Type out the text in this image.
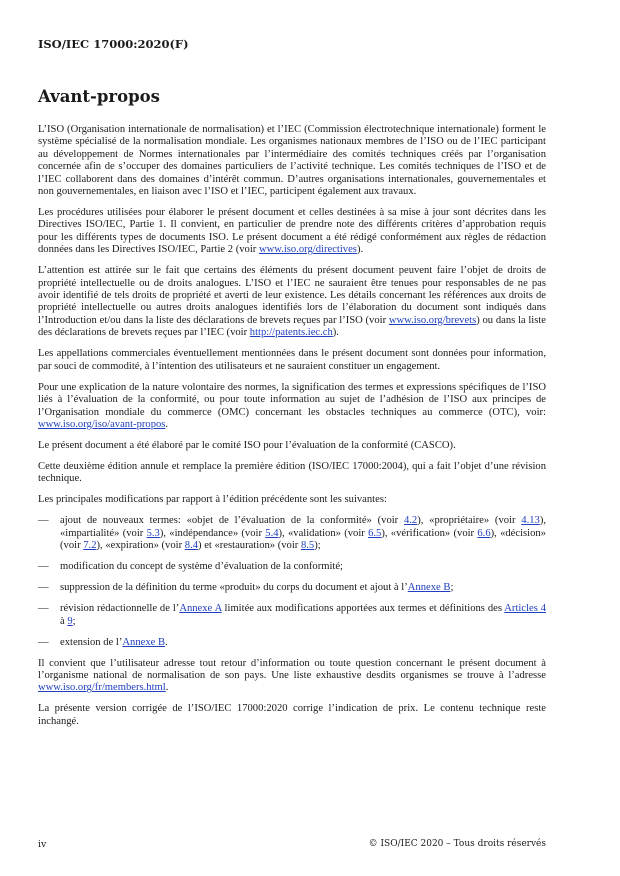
ISO/IEC 17000:2020(F)
Avant-propos

L’ISO (Organisation internationale de normalisation) et l’IEC (Commission électrotechnique internationale) forment le système spécialisé de la normalisation mondiale. Les organismes nationaux membres de l’ISO ou de l’IEC participant au développement de Normes internationales par l’intermédiaire des comités techniques créés par l’organisation concernée afin de s’occuper des domaines particuliers de l’activité technique. Les comités techniques de l’ISO et de l’IEC collaborent dans des domaines d’intérêt commun. D’autres organisations internationales, gouvernementales et non gouvernementales, en liaison avec l’ISO et l’IEC, participent également aux travaux.

Les procédures utilisées pour élaborer le présent document et celles destinées à sa mise à jour sont décrites dans les Directives ISO/IEC, Partie 1. Il convient, en particulier de prendre note des différents critères d’approbation requis pour les différents types de documents ISO. Le présent document a été rédigé conformément aux règles de rédaction données dans les Directives ISO/IEC, Partie 2 (voir www.iso.org/directives).

L’attention est attirée sur le fait que certains des éléments du présent document peuvent faire l’objet de droits de propriété intellectuelle ou de droits analogues. L’ISO et l’IEC ne sauraient être tenues pour responsables de ne pas avoir identifié de tels droits de propriété et averti de leur existence. Les détails concernant les références aux droits de propriété intellectuelle ou autres droits analogues identifiés lors de l’élaboration du document sont indiqués dans l’Introduction et/ou dans la liste des déclarations de brevets reçues par l’ISO (voir www.iso.org/brevets) ou dans la liste des déclarations de brevets reçues par l’IEC (voir http://patents.iec.ch).

Les appellations commerciales éventuellement mentionnées dans le présent document sont données pour information, par souci de commodité, à l’intention des utilisateurs et ne sauraient constituer un engagement.

Pour une explication de la nature volontaire des normes, la signification des termes et expressions spécifiques de l’ISO liés à l’évaluation de la conformité, ou pour toute information au sujet de l’adhésion de l’ISO aux principes de l’Organisation mondiale du commerce (OMC) concernant les obstacles techniques au commerce (OTC), voir: www.iso.org/iso/avant-propos.

Le présent document a été élaboré par le comité ISO pour l’évaluation de la conformité (CASCO).

Cette deuxième édition annule et remplace la première édition (ISO/IEC 17000:2004), qui a fait l’objet d’une révision technique.

Les principales modifications par rapport à l’édition précédente sont les suivantes:
— ajout de nouveaux termes: «objet de l’évaluation de la conformité» (voir 4.2), «propriétaire» (voir 4.13), «impartialité» (voir 5.3), «indépendance» (voir 5.4), «validation» (voir 6.5), «vérification» (voir 6.6), «décision» (voir 7.2), «expiration» (voir 8.4) et «restauration» (voir 8.5);
— modification du concept de système d’évaluation de la conformité;
— suppression de la définition du terme «produit» du corps du document et ajout à l’Annexe B;
— révision rédactionnelle de l’Annexe A limitée aux modifications apportées aux termes et définitions des Articles 4 à 9;
— extension de l’Annexe B.

Il convient que l’utilisateur adresse tout retour d’information ou toute question concernant le présent document à l’organisme national de normalisation de son pays. Une liste exhaustive desdits organismes se trouve à l’adresse www.iso.org/fr/members.html.

La présente version corrigée de l’ISO/IEC 17000:2020 corrige l’indication de prix. Le contenu technique reste inchangé.

iv	© ISO/IEC 2020 – Tous droits réservés
